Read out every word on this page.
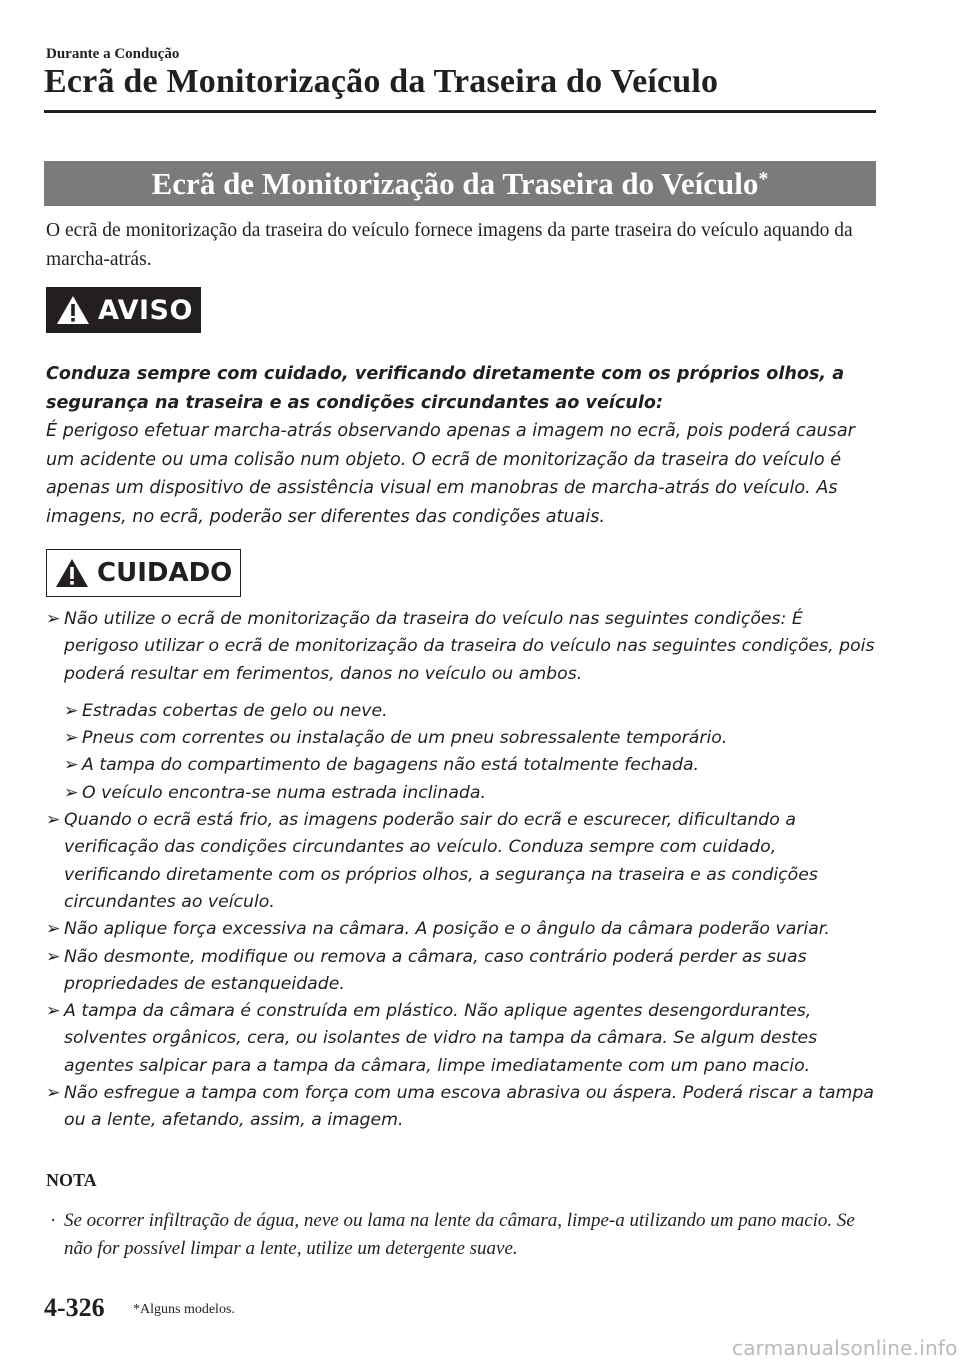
Durante a Condução
Ecrã de Monitorização da Traseira do Veículo
Ecrã de Monitorização da Traseira do Veículo*
O ecrã de monitorização da traseira do veículo fornece imagens da parte traseira do veículo aquando da marcha-atrás.
AVISO
Conduza sempre com cuidado, verificando diretamente com os próprios olhos, a segurança na traseira e as condições circundantes ao veículo:
É perigoso efetuar marcha-atrás observando apenas a imagem no ecrã, pois poderá causar um acidente ou uma colisão num objeto. O ecrã de monitorização da traseira do veículo é apenas um dispositivo de assistência visual em manobras de marcha-atrás do veículo. As imagens, no ecrã, poderão ser diferentes das condições atuais.
CUIDADO
➢ Não utilize o ecrã de monitorização da traseira do veículo nas seguintes condições: É perigoso utilizar o ecrã de monitorização da traseira do veículo nas seguintes condições, pois poderá resultar em ferimentos, danos no veículo ou ambos.
➢ Estradas cobertas de gelo ou neve.
➢ Pneus com correntes ou instalação de um pneu sobressalente temporário.
➢ A tampa do compartimento de bagagens não está totalmente fechada.
➢ O veículo encontra-se numa estrada inclinada.
➢ Quando o ecrã está frio, as imagens poderão sair do ecrã e escurecer, dificultando a verificação das condições circundantes ao veículo. Conduza sempre com cuidado, verificando diretamente com os próprios olhos, a segurança na traseira e as condições circundantes ao veículo.
➢ Não aplique força excessiva na câmara. A posição e o ângulo da câmara poderão variar.
➢ Não desmonte, modifique ou remova a câmara, caso contrário poderá perder as suas propriedades de estanqueidade.
➢ A tampa da câmara é construída em plástico. Não aplique agentes desengordurantes, solventes orgânicos, cera, ou isolantes de vidro na tampa da câmara. Se algum destes agentes salpicar para a tampa da câmara, limpe imediatamente com um pano macio.
➢ Não esfregue a tampa com força com uma escova abrasiva ou áspera. Poderá riscar a tampa ou a lente, afetando, assim, a imagem.
NOTA
· Se ocorrer infiltração de água, neve ou lama na lente da câmara, limpe-a utilizando um pano macio. Se não for possível limpar a lente, utilize um detergente suave.
4-326 *Alguns modelos.
carmanualsonline.info
